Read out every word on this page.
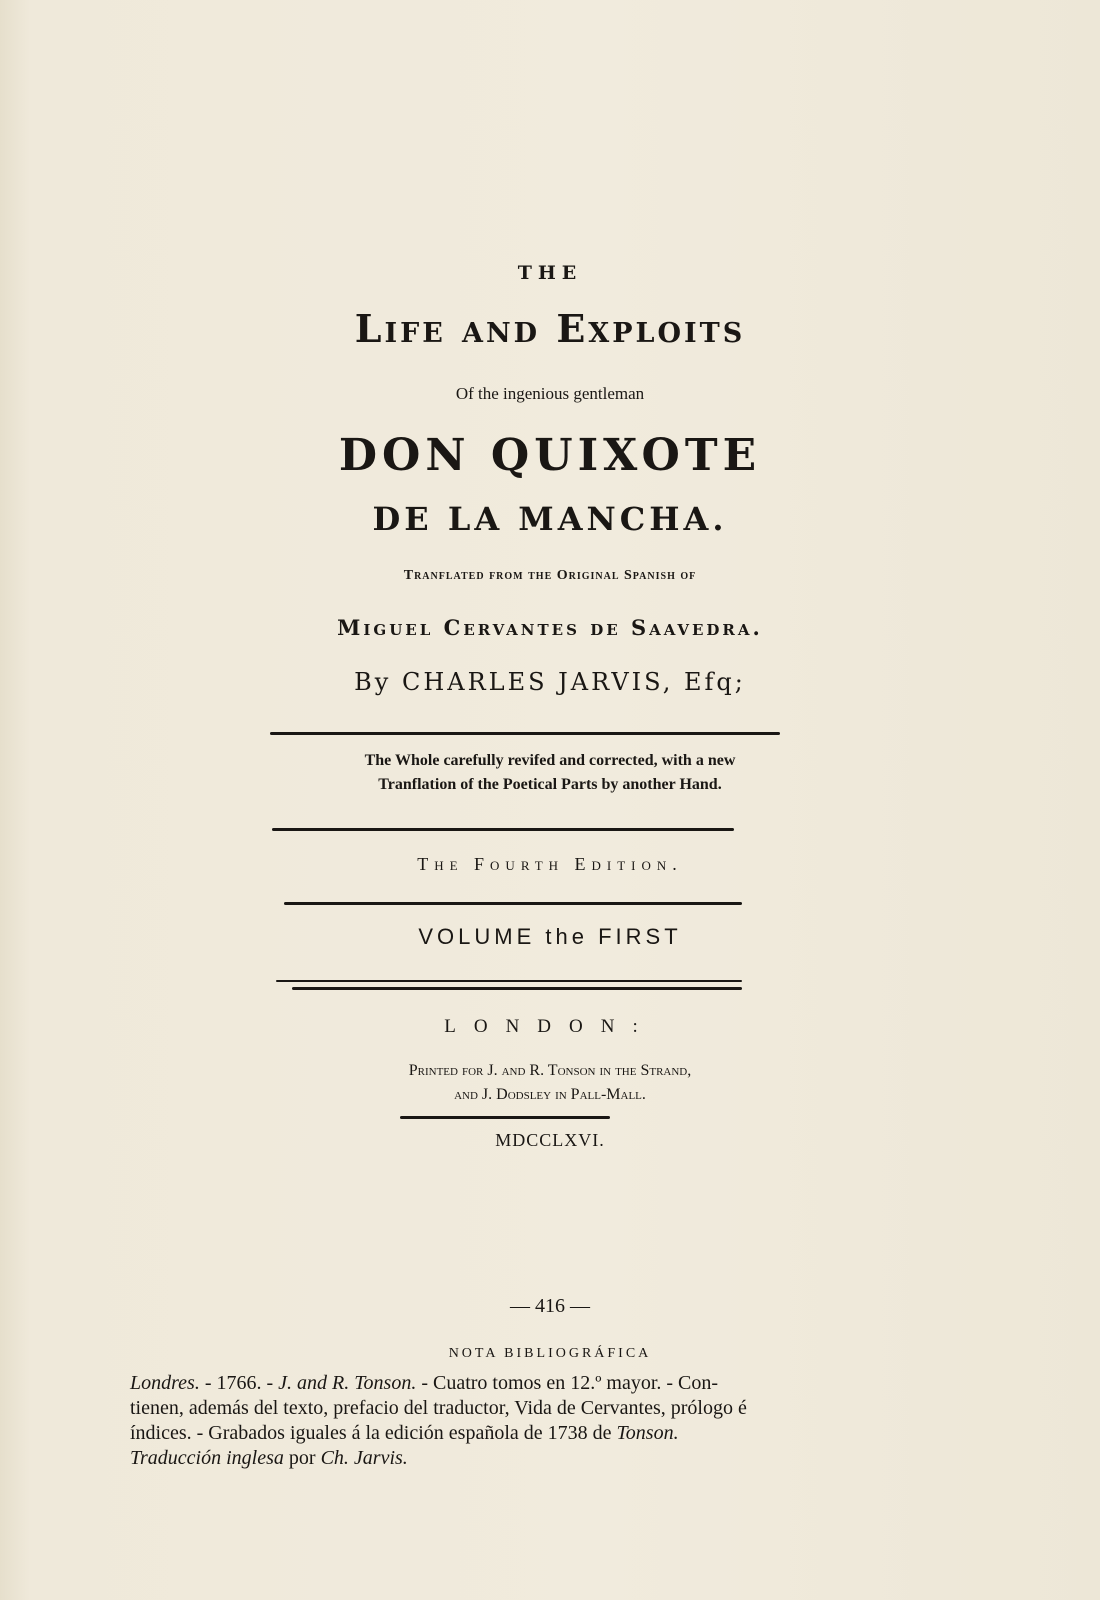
THE
Life and Exploits
Of the ingenious gentleman
DON QUIXOTE
DE LA MANCHA.
Tranflated from the Original Spanish of
Miguel Cervantes de Saavedra.
By CHARLES JARVIS, Efq;
The Whole carefully revifed and corrected, with a new
Tranflation of the Poetical Parts by another Hand.
The Fourth Edition.
VOLUME the FIRST
LONDON:
Printed for J. and R. Tonson in the Strand,
and J. Dodsley in Pall-Mall.
MDCCLXVI.
— 416 —
NOTA BIBLIOGRÁFICA
Londres. - 1766. - J. and R. Tonson. - Cuatro tomos en 12.º mayor. - Con-
tienen, además del texto, prefacio del traductor, Vida de Cervantes, prólogo é
índices. - Grabados iguales á la edición española de 1738 de Tonson.
Traducción inglesa por Ch. Jarvis.
